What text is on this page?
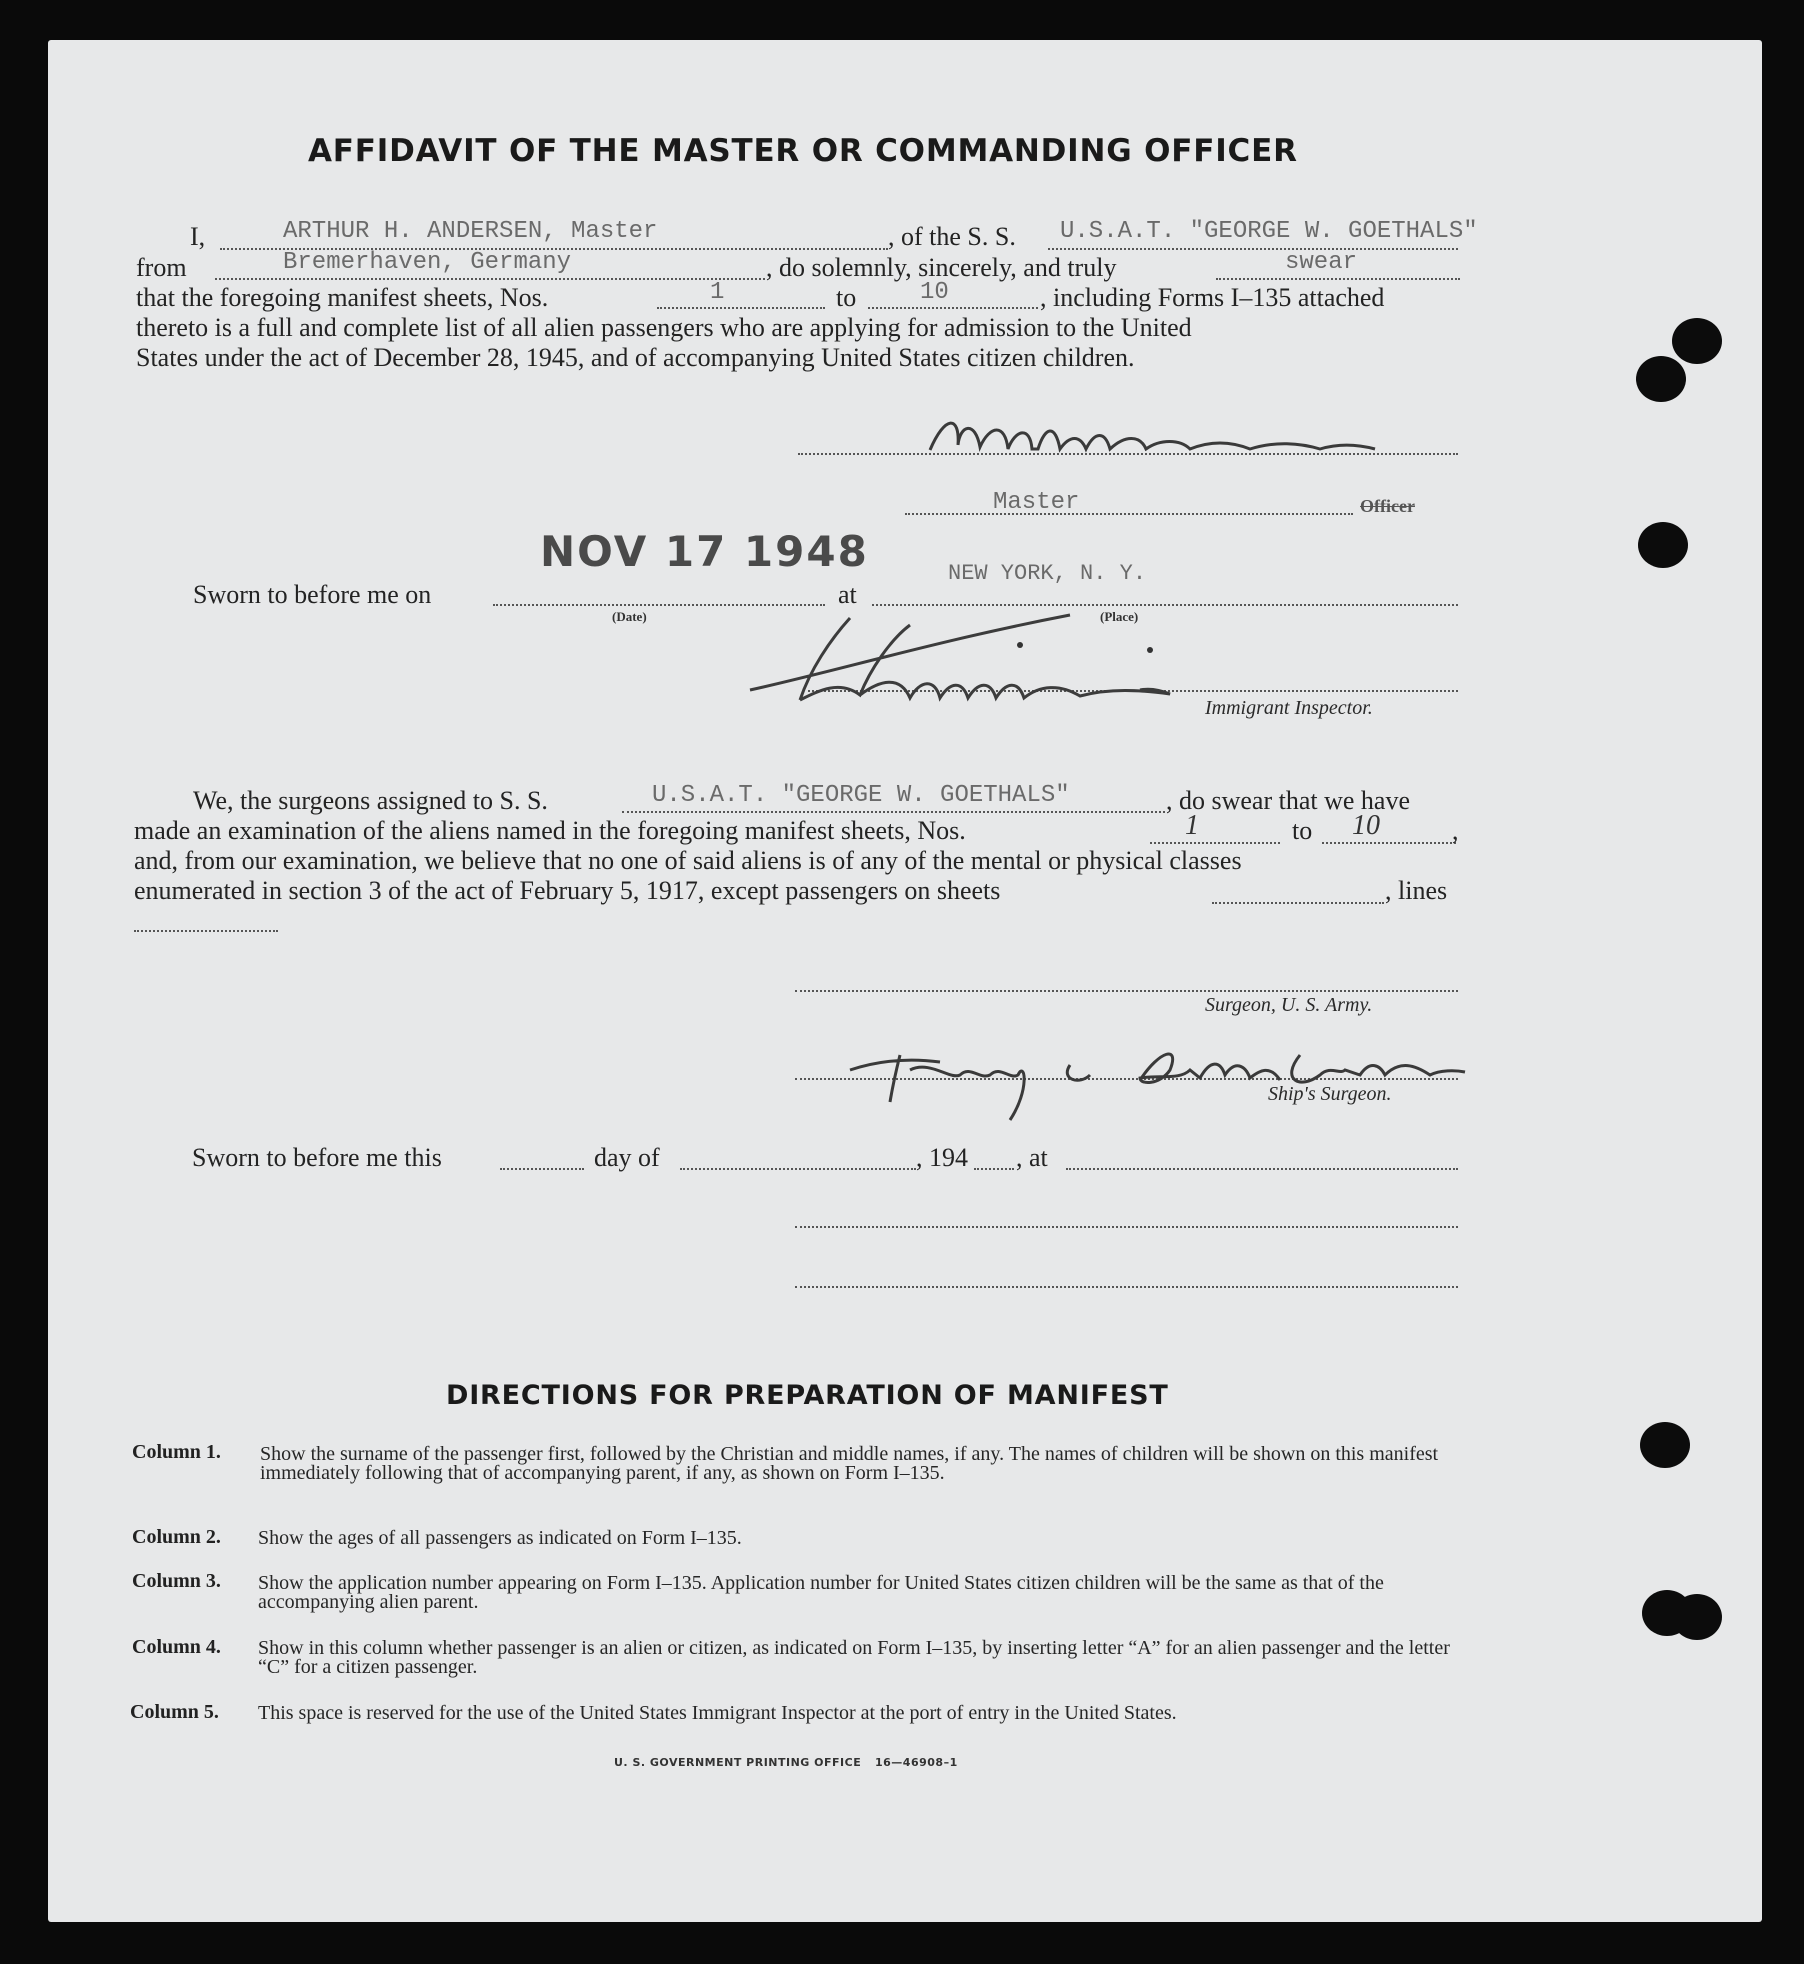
AFFIDAVIT OF THE MASTER OR COMMANDING OFFICER
I,	ARTHUR H. ANDERSEN, Master	, of the S. S. U.S.A.T. "GEORGE W. GOETHALS"
from	Bremerhaven, Germany	, do solemnly, sincerely, and truly	swear
that the foregoing manifest sheets, Nos.	1	to	10	, including Forms I–135 attached
thereto is a full and complete list of all alien passengers who are applying for admission to the United
States under the act of December 28, 1945, and of accompanying United States citizen children.
Master	Officer
NOV 17 1948
Sworn to before me on	at
NEW YORK, N. Y.
(Date)	(Place)
Immigrant Inspector.
We, the surgeons assigned to S. S.	U.S.A.T. "GEORGE W. GOETHALS"	, do swear that we have
made an examination of the aliens named in the foregoing manifest sheets, Nos.	1	to 10	,
and, from our examination, we believe that no one of said aliens is of any of the mental or physical classes
enumerated in section 3 of the act of February 5, 1917, except passengers on sheets	, lines
Surgeon, U. S. Army.
Ship's Surgeon.
Sworn to before me this	day of	, 194 , at
DIRECTIONS FOR PREPARATION OF MANIFEST
Column 1. Show the surname of the passenger first, followed by the Christian and middle names, if any. The names of children will be shown on this manifest immediately following that of accompanying parent, if any, as shown on Form I–135.
Column 2. Show the ages of all passengers as indicated on Form I–135.
Column 3. Show the application number appearing on Form I–135. Application number for United States citizen children will be the same as that of the accompanying alien parent.
Column 4. Show in this column whether passenger is an alien or citizen, as indicated on Form I–135, by inserting letter “A” for an alien passenger and the letter “C” for a citizen passenger.
Column 5. This space is reserved for the use of the United States Immigrant Inspector at the port of entry in the United States.
U. S. GOVERNMENT PRINTING OFFICE 16—46908–1
